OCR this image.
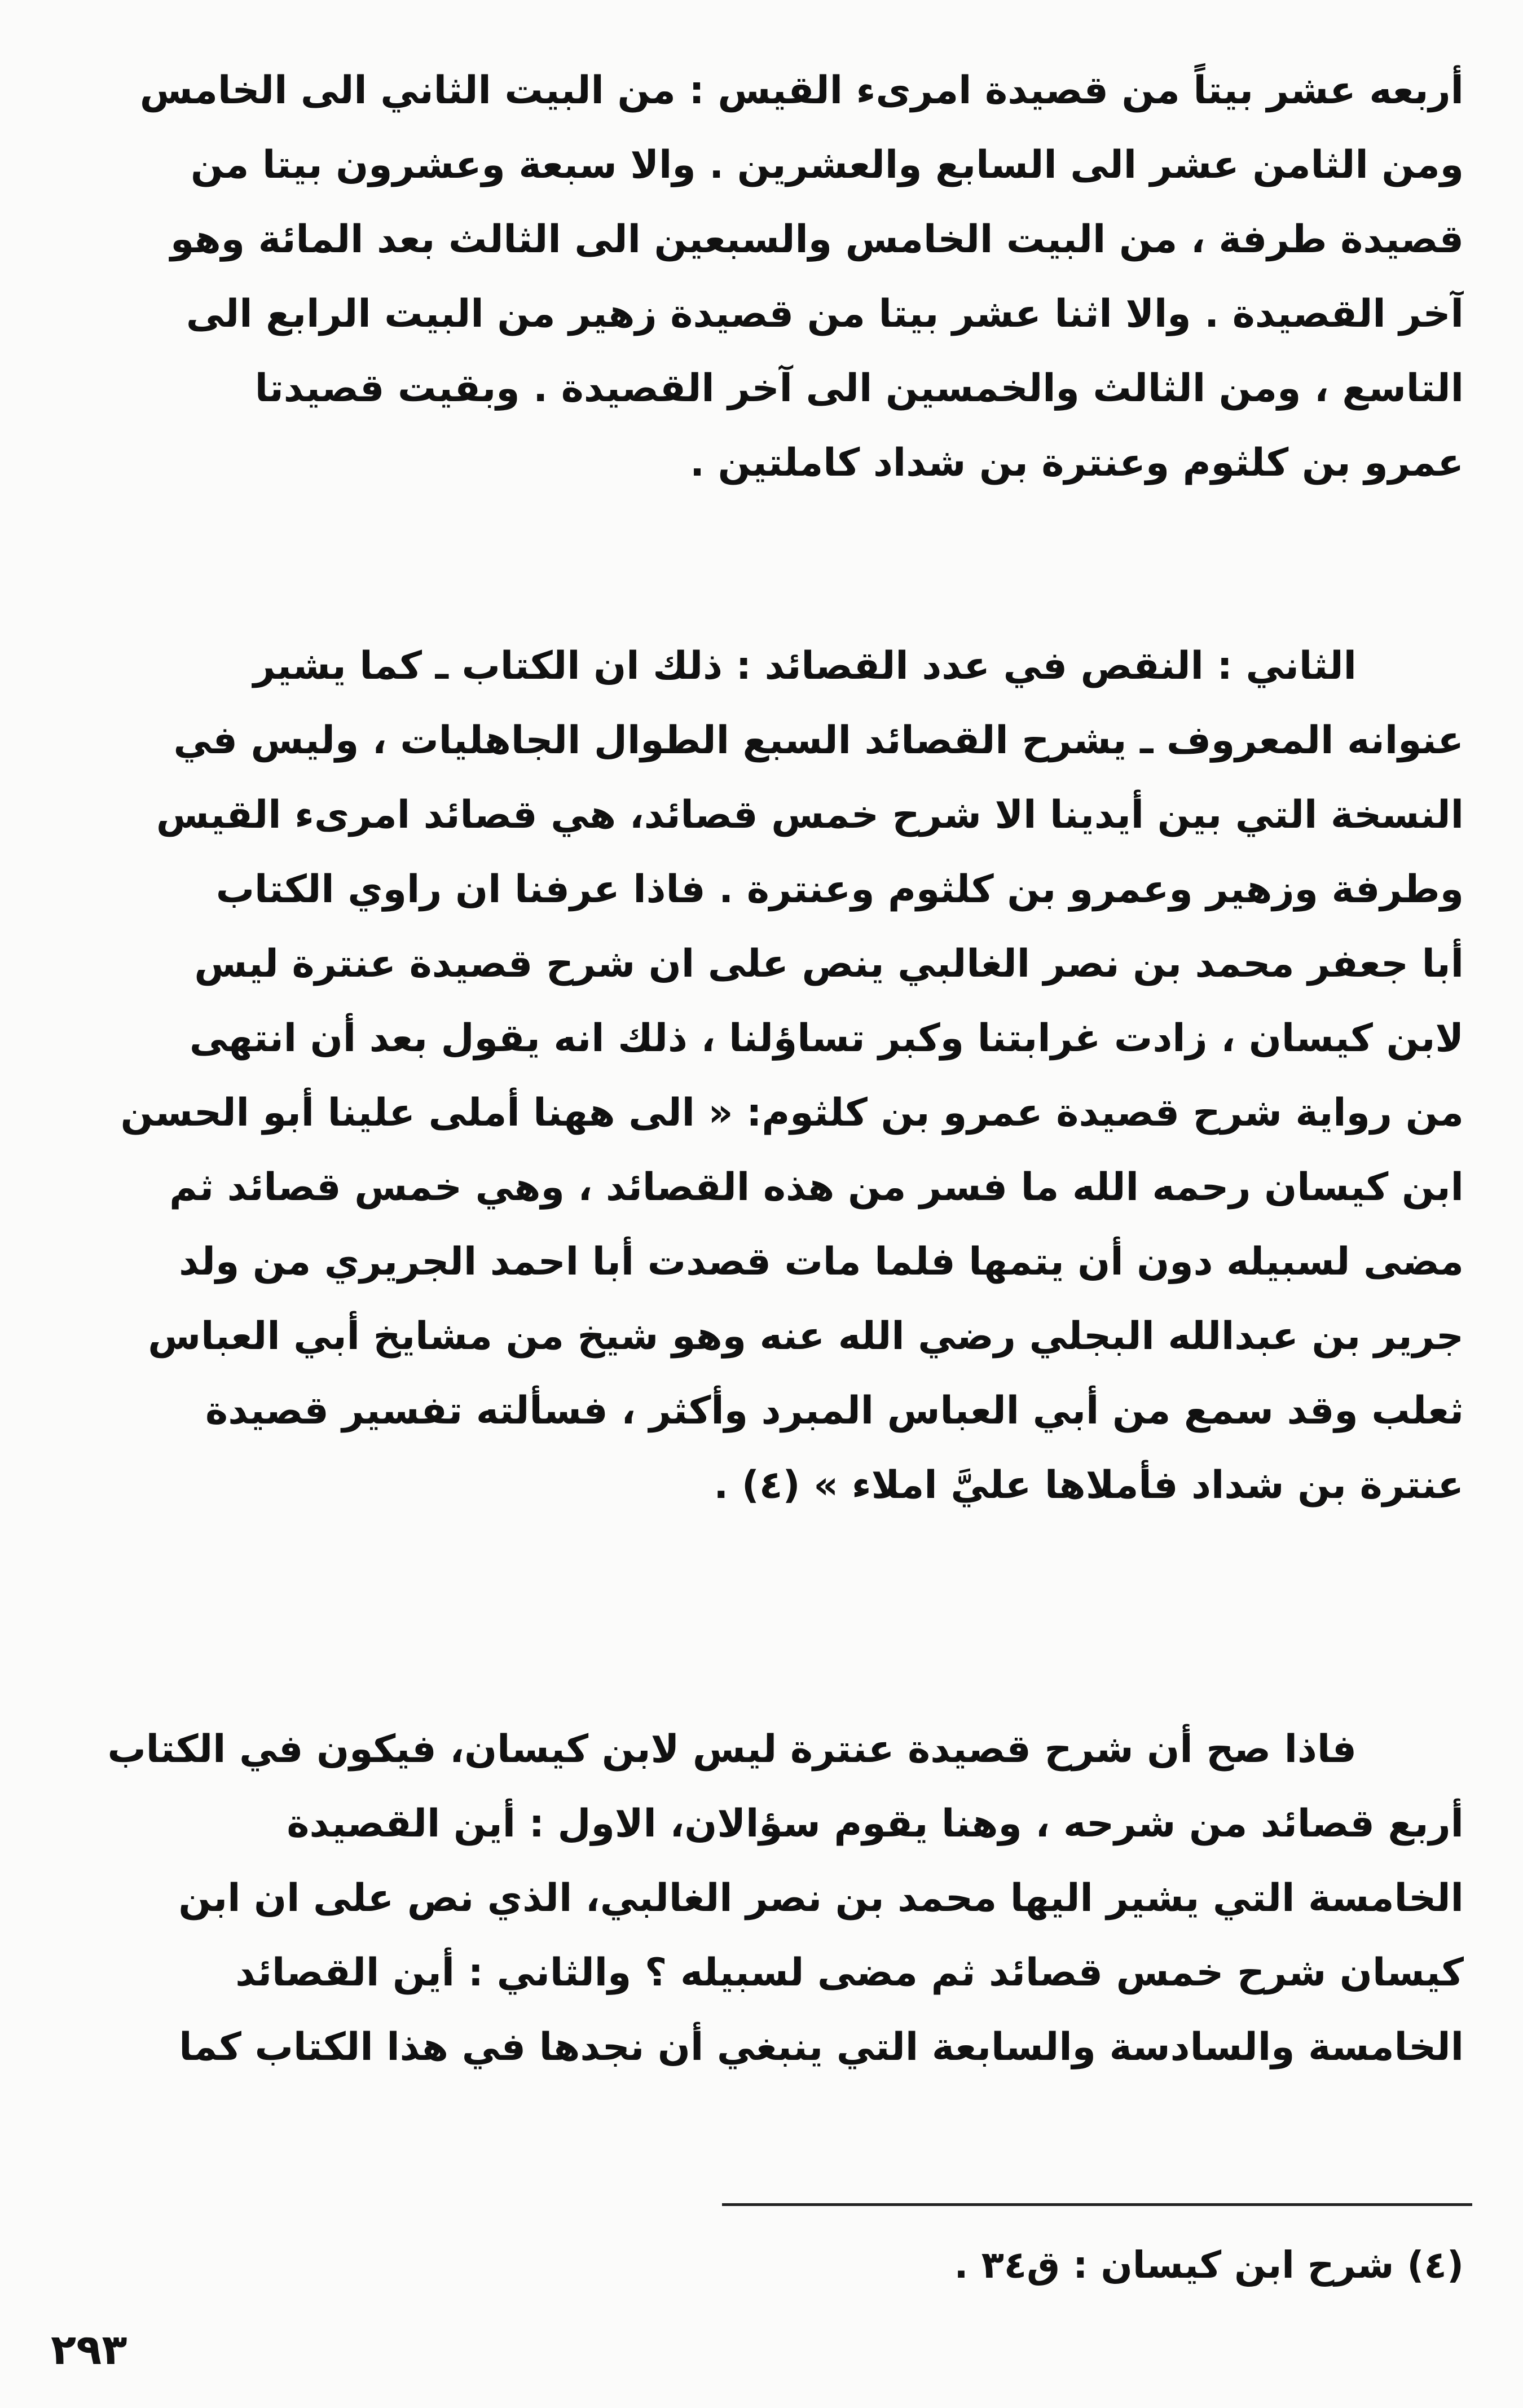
أربعه عشر بيتاً من قصيدة امرىء القيس : من البيت الثاني الى الخامس
ومن الثامن عشر الى السابع والعشرين . والا سبعة وعشرون بيتا من
قصيدة طرفة ، من البيت الخامس والسبعين الى الثالث بعد المائة وهو
آخر القصيدة . والا اثنا عشر بيتا من قصيدة زهير من البيت الرابع الى
التاسع ، ومن الثالث والخمسين الى آخر القصيدة . وبقيت قصيدتا
عمرو بن كلثوم وعنترة بن شداد كاملتين .
الثاني : النقص في عدد القصائد : ذلك ان الكتاب ـ كما يشير
عنوانه المعروف ـ يشرح القصائد السبع الطوال الجاهليات ، وليس في
النسخة التي بين أيدينا الا شرح خمس قصائد، هي قصائد امرىء القيس
وطرفة وزهير وعمرو بن كلثوم وعنترة . فاذا عرفنا ان راوي الكتاب
أبا جعفر محمد بن نصر الغالبي ينص على ان شرح قصيدة عنترة ليس
لابن كيسان ، زادت غرابتنا وكبر تساؤلنا ، ذلك انه يقول بعد أن انتهى
من رواية شرح قصيدة عمرو بن كلثوم: « الى ههنا أملى علينا أبو الحسن
ابن كيسان رحمه الله ما فسر من هذه القصائد ، وهي خمس قصائد ثم
مضى لسبيله دون أن يتمها فلما مات قصدت أبا احمد الجريري من ولد
جرير بن عبدالله البجلي رضي الله عنه وهو شيخ من مشايخ أبي العباس
ثعلب وقد سمع من أبي العباس المبرد وأكثر ، فسألته تفسير قصيدة
عنترة بن شداد فأملاها عليَّ املاء » (٤) .
فاذا صح أن شرح قصيدة عنترة ليس لابن كيسان، فيكون في الكتاب
أربع قصائد من شرحه ، وهنا يقوم سؤالان، الاول : أين القصيدة
الخامسة التي يشير اليها محمد بن نصر الغالبي، الذي نص على ان ابن
كيسان شرح خمس قصائد ثم مضى لسبيله ؟ والثاني : أين القصائد
الخامسة والسادسة والسابعة التي ينبغي أن نجدها في هذا الكتاب كما
(٤) شرح ابن كيسان : ق٣٤ .
٢٩٣
